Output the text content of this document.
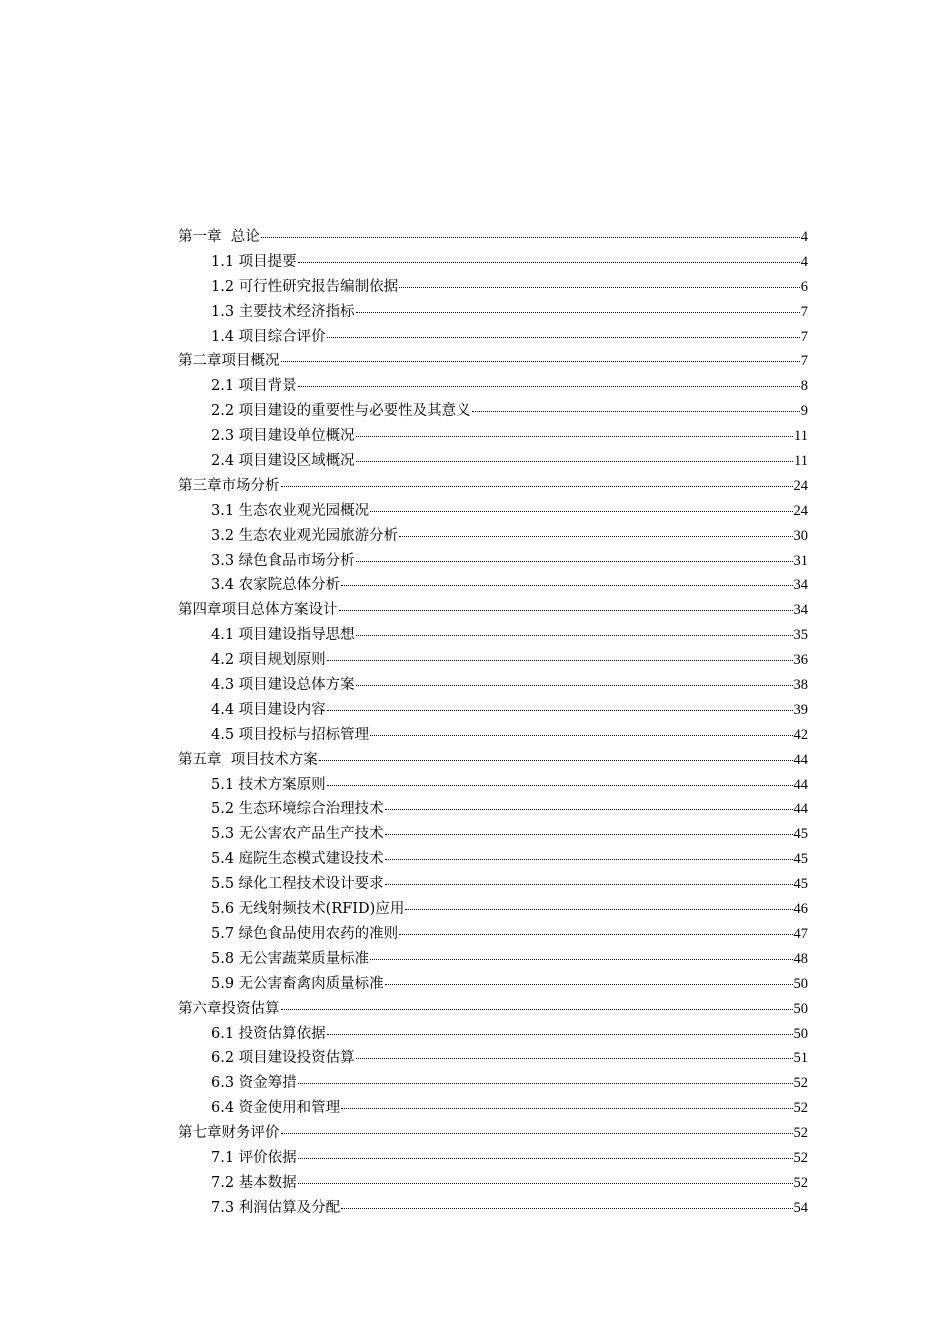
第一章  总论	4
1.1 项目提要	4
1.2 可行性研究报告编制依据	6
1.3 主要技术经济指标	7
1.4 项目综合评价	7
第二章项目概况	7
2.1 项目背景	8
2.2 项目建设的重要性与必要性及其意义	9
2.3 项目建设单位概况	11
2.4 项目建设区域概况	11
第三章市场分析	24
3.1 生态农业观光园概况	24
3.2 生态农业观光园旅游分析	30
3.3 绿色食品市场分析	31
3.4 农家院总体分析	34
第四章项目总体方案设计	34
4.1 项目建设指导思想	35
4.2 项目规划原则	36
4.3 项目建设总体方案	38
4.4 项目建设内容	39
4.5 项目投标与招标管理	42
第五章  项目技术方案	44
5.1 技术方案原则	44
5.2 生态环境综合治理技术	44
5.3 无公害农产品生产技术	45
5.4 庭院生态模式建设技术	45
5.5 绿化工程技术设计要求	45
5.6 无线射频技术(RFID)应用	46
5.7 绿色食品使用农药的准则	47
5.8 无公害蔬菜质量标准	48
5.9 无公害畜禽肉质量标准	50
第六章投资估算	50
6.1 投资估算依据	50
6.2 项目建设投资估算	51
6.3 资金筹措	52
6.4 资金使用和管理	52
第七章财务评价	52
7.1 评价依据	52
7.2 基本数据	52
7.3 利润估算及分配	54
